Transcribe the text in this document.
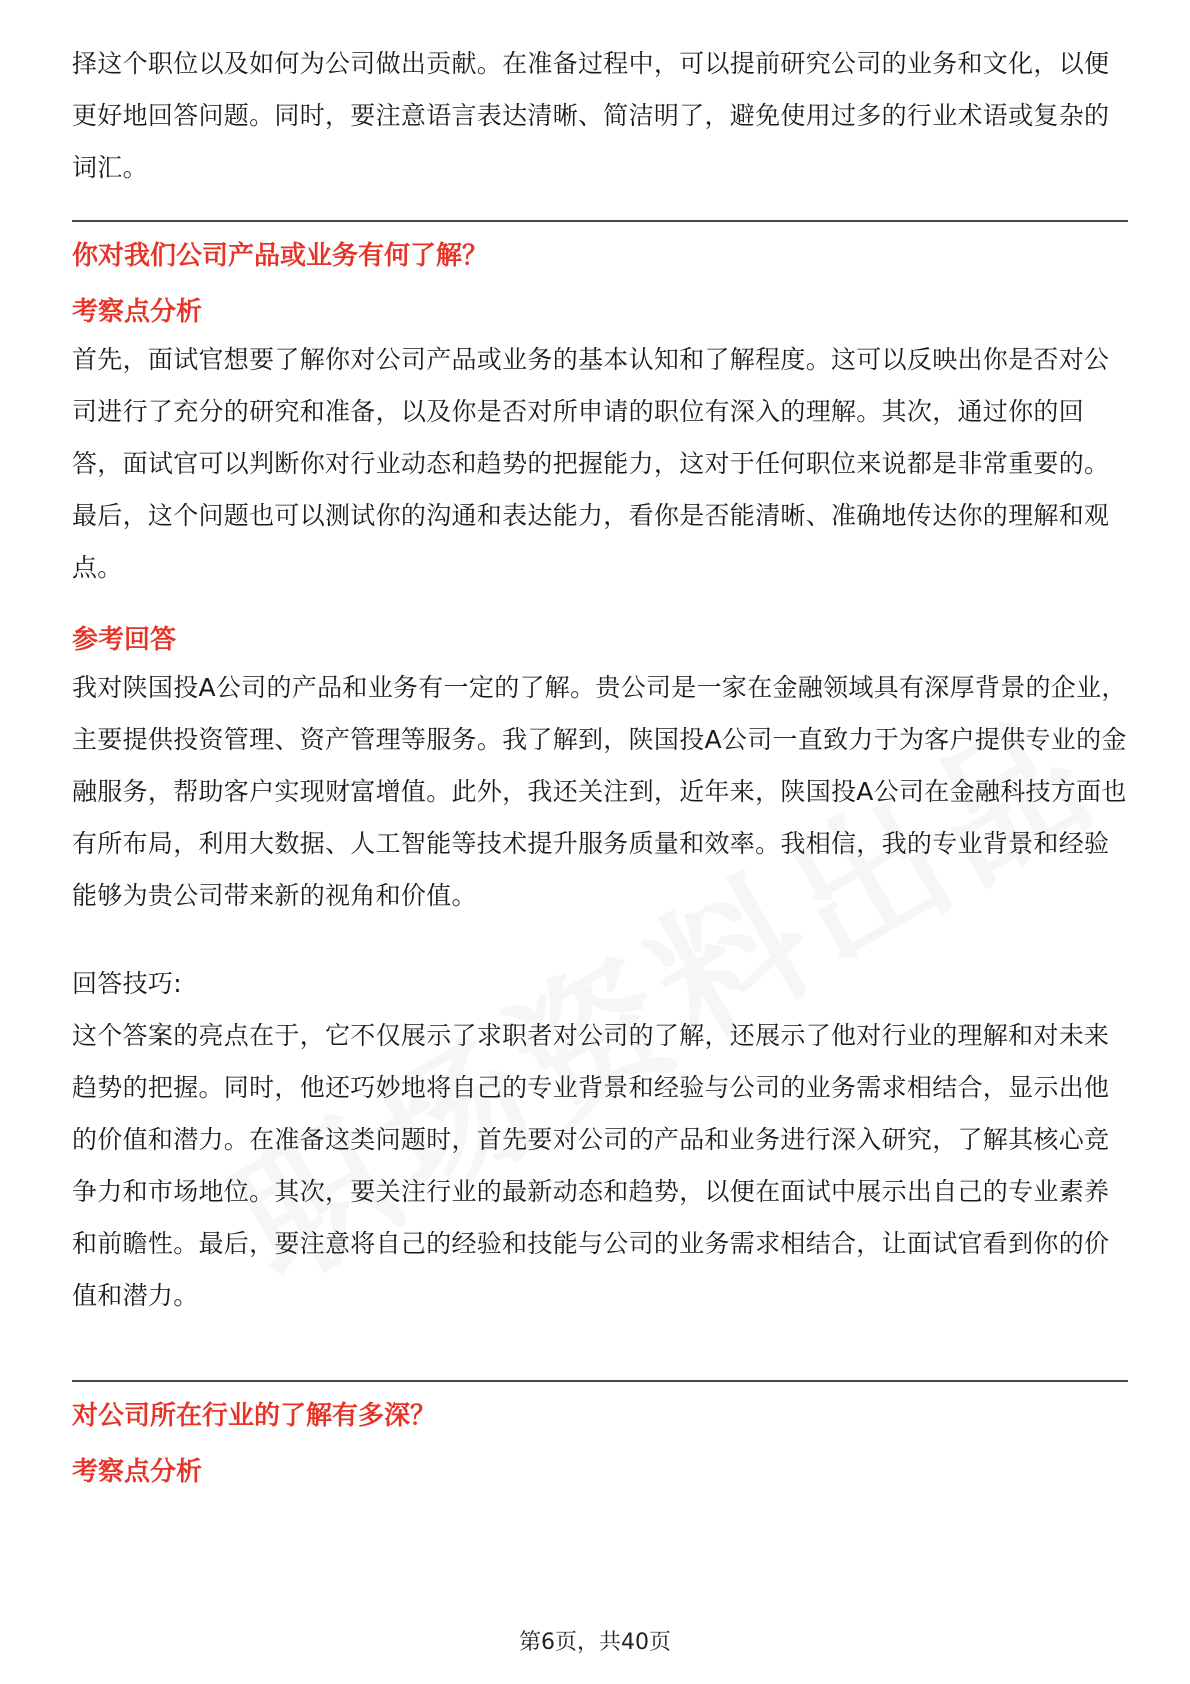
择这个职位以及如何为公司做出贡献。在准备过程中，可以提前研究公司的业务和文化，以便更好地回答问题。同时，要注意语言表达清晰、简洁明了，避免使用过多的行业术语或复杂的词汇。

你对我们公司产品或业务有何了解？
考察点分析

首先，面试官想要了解你对公司产品或业务的基本认知和了解程度。这可以反映出你是否对公司进行了充分的研究和准备，以及你是否对所申请的职位有深入的理解。其次，通过你的回答，面试官可以判断你对行业动态和趋势的把握能力，这对于任何职位来说都是非常重要的。最后，这个问题也可以测试你的沟通和表达能力，看你是否能清晰、准确地传达你的理解和观点。

参考回答

我对陕国投A公司的产品和业务有一定的了解。贵公司是一家在金融领域具有深厚背景的企业，主要提供投资管理、资产管理等服务。我了解到，陕国投A公司一直致力于为客户提供专业的金融服务，帮助客户实现财富增值。此外，我还关注到，近年来，陕国投A公司在金融科技方面也有所布局，利用大数据、人工智能等技术提升服务质量和效率。我相信，我的专业背景和经验能够为贵公司带来新的视角和价值。

回答技巧:

这个答案的亮点在于，它不仅展示了求职者对公司的了解，还展示了他对行业的理解和对未来趋势的把握。同时，他还巧妙地将自己的专业背景和经验与公司的业务需求相结合，显示出他的价值和潜力。在准备这类问题时，首先要对公司的产品和业务进行深入研究，了解其核心竞争力和市场地位。其次，要关注行业的最新动态和趋势，以便在面试中展示出自己的专业素养和前瞻性。最后，要注意将自己的经验和技能与公司的业务需求相结合，让面试官看到你的价值和潜力。

对公司所在行业的了解有多深？
考察点分析
第6页，共40页
